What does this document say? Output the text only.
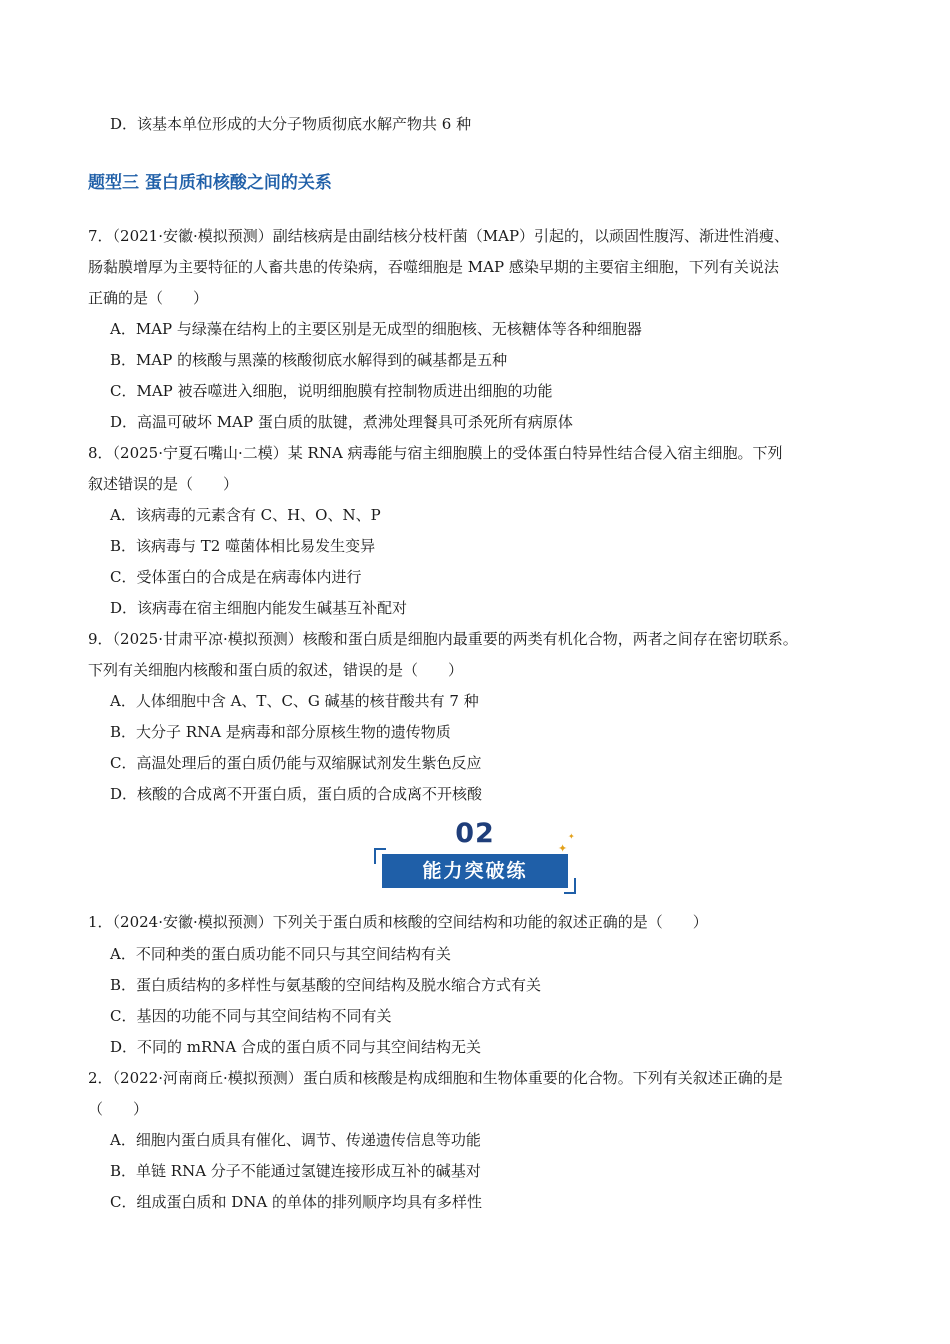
D．该基本单位形成的大分子物质彻底水解产物共 6 种
题型三 蛋白质和核酸之间的关系
7．（2021·安徽·模拟预测）副结核病是由副结核分枝杆菌（MAP）引起的，以顽固性腹泻、渐进性消瘦、
肠黏膜增厚为主要特征的人畜共患的传染病，吞噬细胞是 MAP 感染早期的主要宿主细胞，下列有关说法
正确的是（　　）
A．MAP 与绿藻在结构上的主要区别是无成型的细胞核、无核糖体等各种细胞器
B．MAP 的核酸与黑藻的核酸彻底水解得到的碱基都是五种
C．MAP 被吞噬进入细胞，说明细胞膜有控制物质进出细胞的功能
D．高温可破坏 MAP 蛋白质的肽键，煮沸处理餐具可杀死所有病原体
8．（2025·宁夏石嘴山·二模）某 RNA 病毒能与宿主细胞膜上的受体蛋白特异性结合侵入宿主细胞。下列
叙述错误的是（　　）
A．该病毒的元素含有 C、H、O、N、P
B．该病毒与 T2 噬菌体相比易发生变异
C．受体蛋白的合成是在病毒体内进行
D．该病毒在宿主细胞内能发生碱基互补配对
9．（2025·甘肃平凉·模拟预测）核酸和蛋白质是细胞内最重要的两类有机化合物，两者之间存在密切联系。
下列有关细胞内核酸和蛋白质的叙述，错误的是（　　）
A．人体细胞中含 A、T、C、G 碱基的核苷酸共有 7 种
B．大分子 RNA 是病毒和部分原核生物的遗传物质
C．高温处理后的蛋白质仍能与双缩脲试剂发生紫色反应
D．核酸的合成离不开蛋白质，蛋白质的合成离不开核酸
02
能力突破练
✦
✦
1．（2024·安徽·模拟预测）下列关于蛋白质和核酸的空间结构和功能的叙述正确的是（　　）
A．不同种类的蛋白质功能不同只与其空间结构有关
B．蛋白质结构的多样性与氨基酸的空间结构及脱水缩合方式有关
C．基因的功能不同与其空间结构不同有关
D．不同的 mRNA 合成的蛋白质不同与其空间结构无关
2．（2022·河南商丘·模拟预测）蛋白质和核酸是构成细胞和生物体重要的化合物。下列有关叙述正确的是
（　　）
A．细胞内蛋白质具有催化、调节、传递遗传信息等功能
B．单链 RNA 分子不能通过氢键连接形成互补的碱基对
C．组成蛋白质和 DNA 的单体的排列顺序均具有多样性
